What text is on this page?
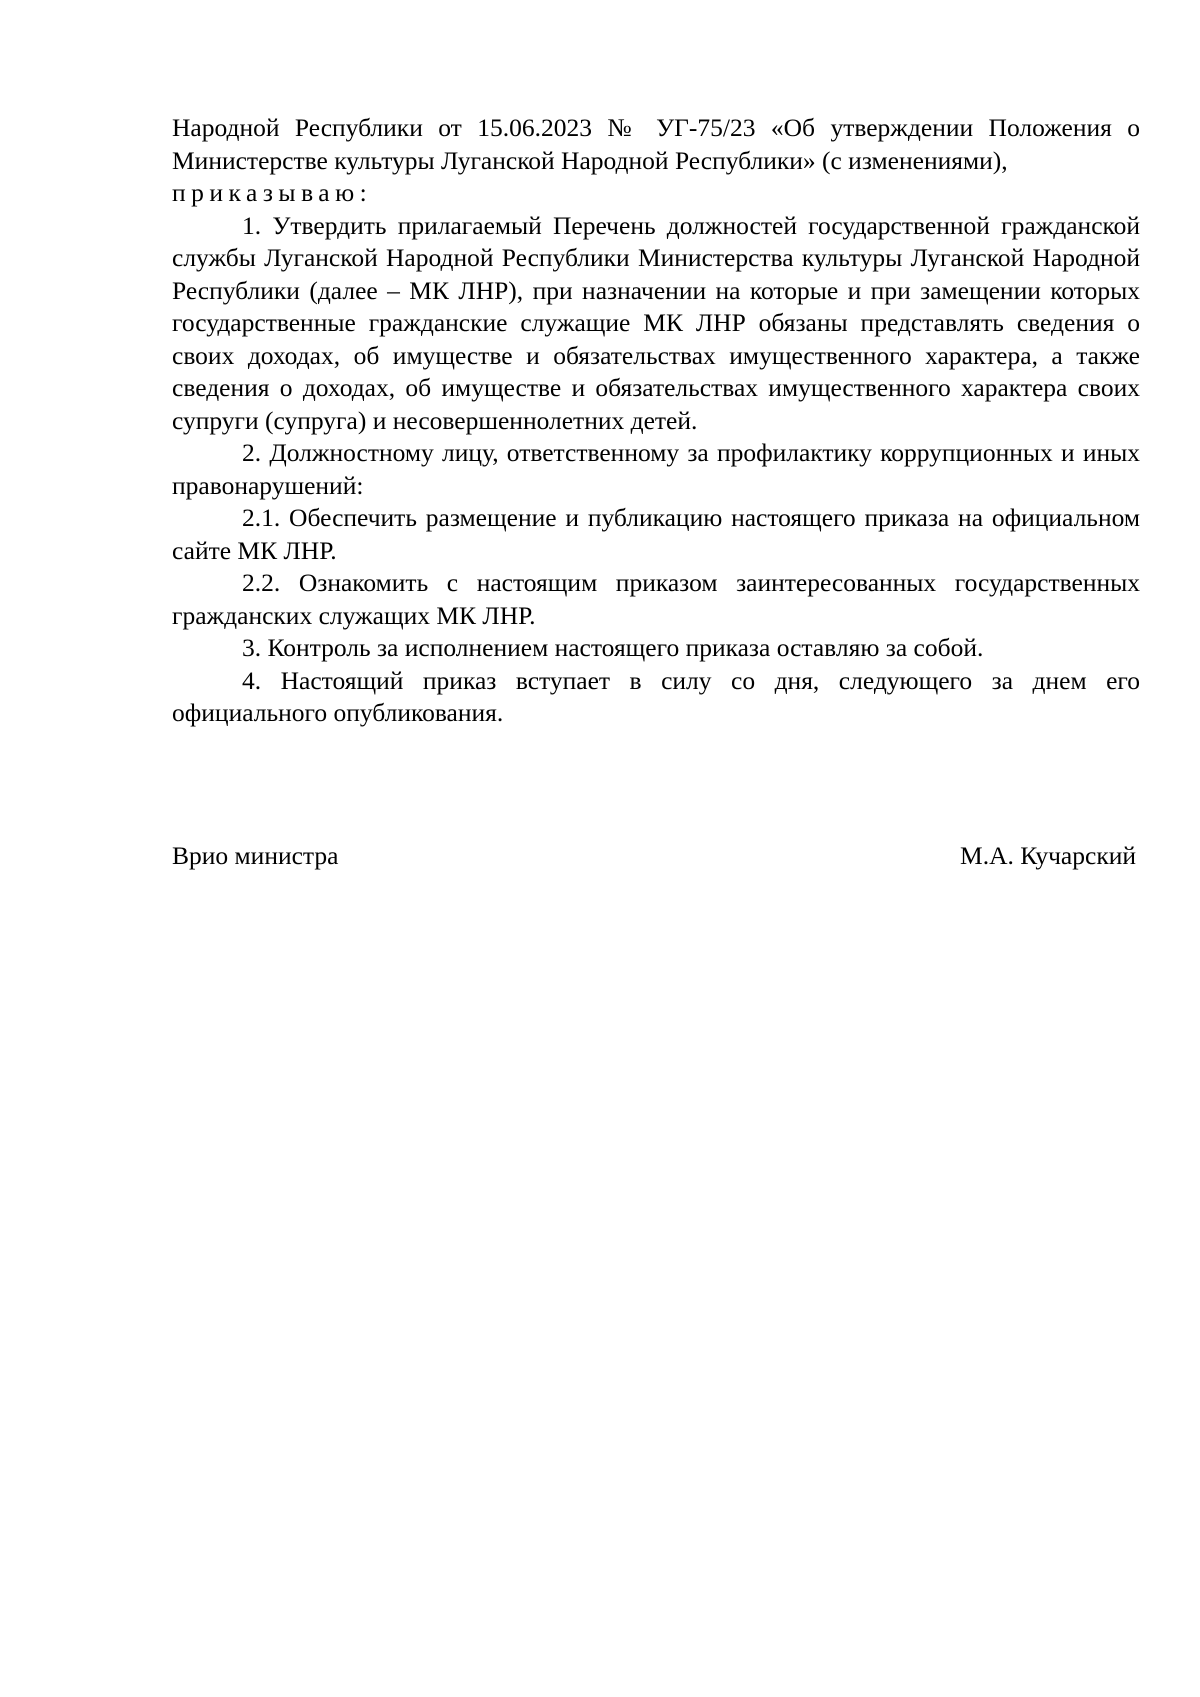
Народной Республики от 15.06.2023 № УГ-75/23 «Об утверждении Положения о Министерстве культуры Луганской Народной Республики» (с изменениями),

приказываю:

1. Утвердить прилагаемый Перечень должностей государственной гражданской службы Луганской Народной Республики Министерства культуры Луганской Народной Республики (далее – МК ЛНР), при назначении на которые и при замещении которых государственные гражданские служащие МК ЛНР обязаны представлять сведения о своих доходах, об имуществе и обязательствах имущественного характера, а также сведения о доходах, об имуществе и обязательствах имущественного характера своих супруги (супруга) и несовершеннолетних детей.

2. Должностному лицу, ответственному за профилактику коррупционных и иных правонарушений:

2.1. Обеспечить размещение и публикацию настоящего приказа на официальном сайте МК ЛНР.

2.2. Ознакомить с настоящим приказом заинтересованных государственных гражданских служащих МК ЛНР.

3. Контроль за исполнением настоящего приказа оставляю за собой.

4. Настоящий приказ вступает в силу со дня, следующего за днем его официального опубликования.

Врио министра	М.А. Кучарский
